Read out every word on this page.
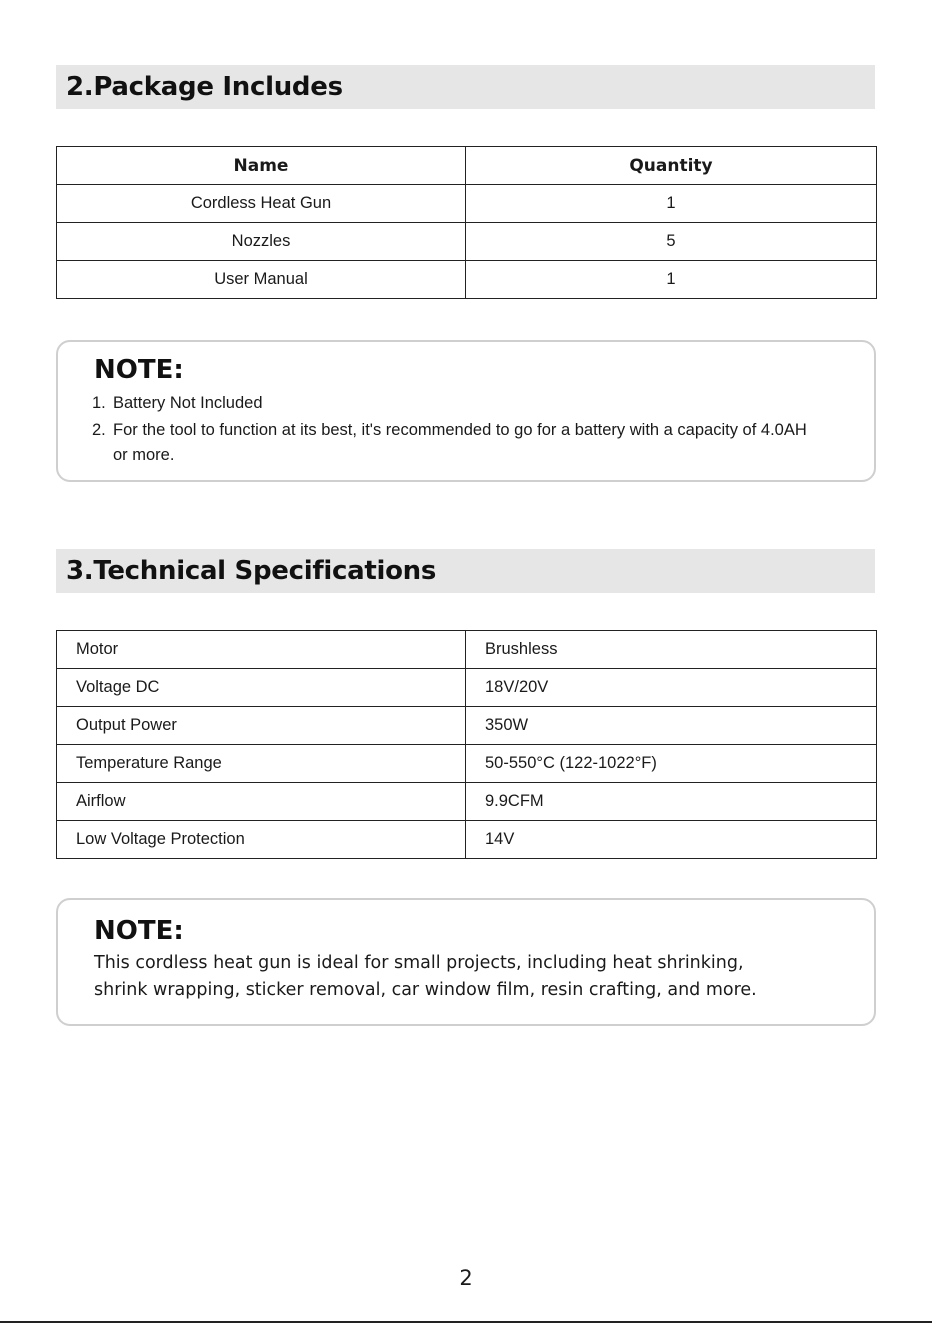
2.Package Includes
Name	Quantity
Cordless Heat Gun	1
Nozzles	5
User Manual	1

NOTE:

1. Battery Not Included
2. For the tool to function at its best, it's recommended to go for a battery with a capacity of 4.0AH or more.
3.Technical Specifications
Motor	Brushless
Voltage DC	18V/20V
Output Power	350W
Temperature Range	50-550°C (122-1022°F)
Airflow	9.9CFM
Low Voltage Protection	14V

NOTE:

This cordless heat gun is ideal for small projects, including heat shrinking, shrink wrapping, sticker removal, car window film, resin crafting, and more.

2
